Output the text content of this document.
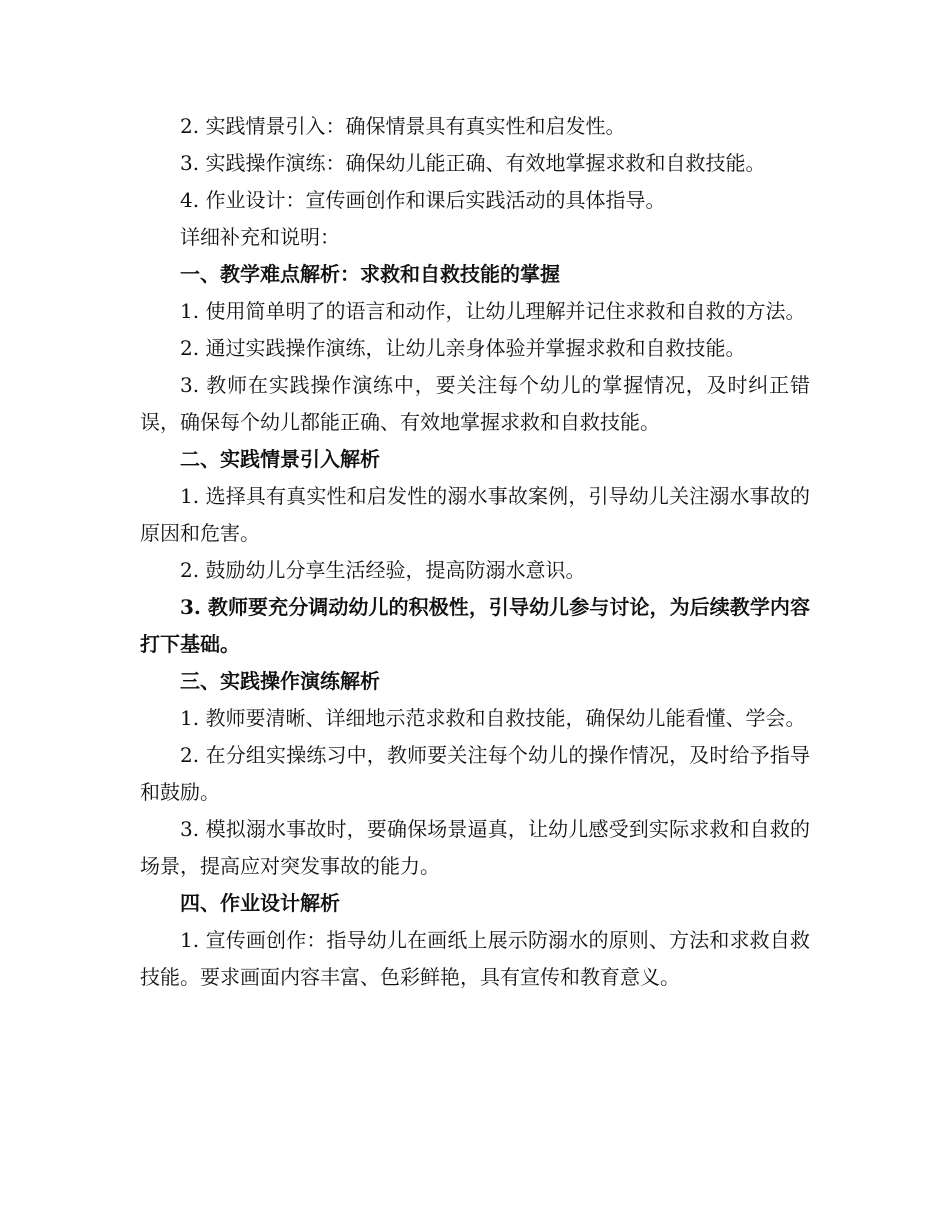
2. 实践情景引入：确保情景具有真实性和启发性。

3. 实践操作演练：确保幼儿能正确、有效地掌握求救和自救技能。

4. 作业设计：宣传画创作和课后实践活动的具体指导。

详细补充和说明：

一、教学难点解析：求救和自救技能的掌握

1. 使用简单明了的语言和动作，让幼儿理解并记住求救和自救的方法。

2. 通过实践操作演练，让幼儿亲身体验并掌握求救和自救技能。

3. 教师在实践操作演练中，要关注每个幼儿的掌握情况，及时纠正错误，确保每个幼儿都能正确、有效地掌握求救和自救技能。

二、实践情景引入解析

1. 选择具有真实性和启发性的溺水事故案例，引导幼儿关注溺水事故的原因和危害。

2. 鼓励幼儿分享生活经验，提高防溺水意识。

3. 教师要充分调动幼儿的积极性，引导幼儿参与讨论，为后续教学内容打下基础。

三、实践操作演练解析

1. 教师要清晰、详细地示范求救和自救技能，确保幼儿能看懂、学会。

2. 在分组实操练习中，教师要关注每个幼儿的操作情况，及时给予指导和鼓励。

3. 模拟溺水事故时，要确保场景逼真，让幼儿感受到实际求救和自救的场景，提高应对突发事故的能力。

四、作业设计解析

1. 宣传画创作：指导幼儿在画纸上展示防溺水的原则、方法和求救自救技能。要求画面内容丰富、色彩鲜艳，具有宣传和教育意义。
